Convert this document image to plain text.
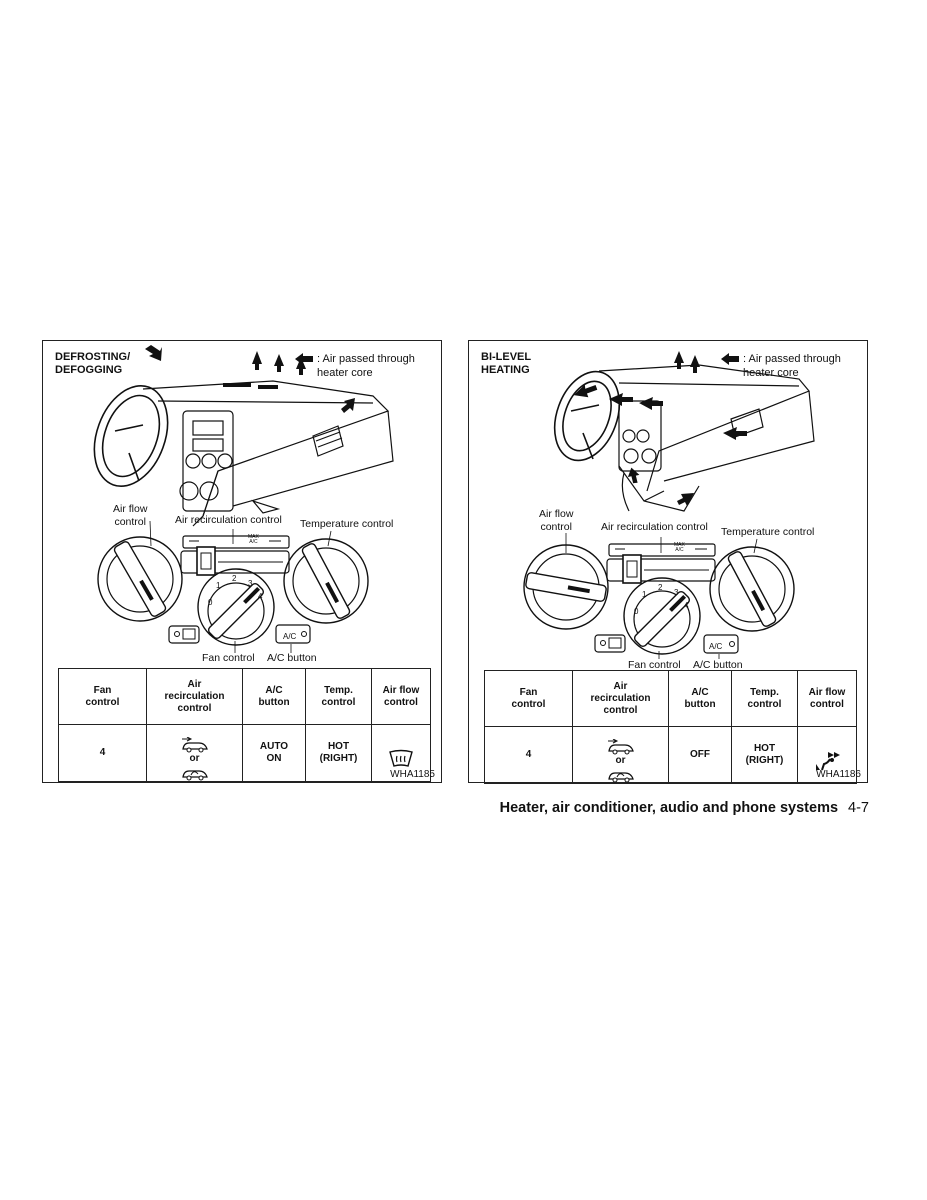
DEFROSTING/
DEFOGGING
: Air passed through
heater core
Air flow
control	Air recirculation control Temperature control
Fan control A/C button
A/C
MAX
A/C
0
1
2
3
4
Fan
control	Air
recirculation
control	A/C
button	Temp.
control	Air flow
control
4	or	AUTO
ON	HOT
(RIGHT)	

WHA1185
BI-LEVEL
HEATING
: Air passed through
heater core
Air flow
control	Air recirculation control Temperature control
Fan control A/C button
A/C
MAX
A/C
0
1
2
3
4
Fan
control	Air
recirculation
control	A/C
button	Temp.
control	Air flow
control
4	or	OFF	HOT
(RIGHT)	

WHA1186
Heater, air conditioner, audio and phone systems 4-7
